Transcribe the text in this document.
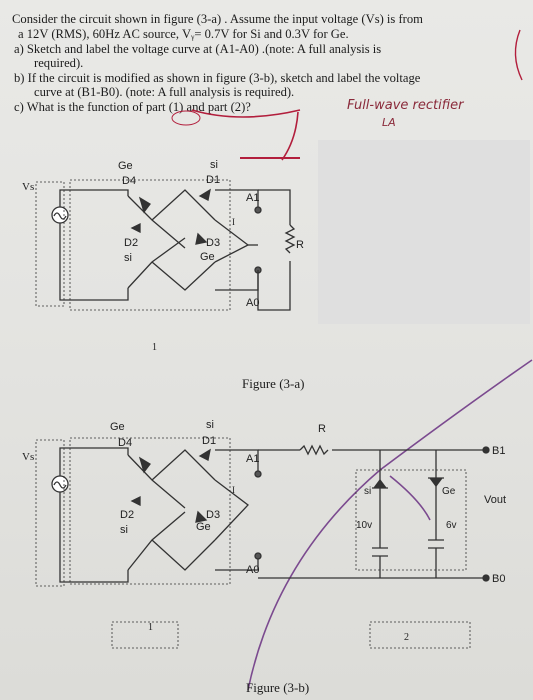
Consider the circuit shown in figure (3-a) . Assume the input voltage (Vs) is from
a 12V (RMS), 60Hz AC source, Vᵧ= 0.7V for Si and 0.3V for Ge.
a) Sketch and label the voltage curve at (A1-A0) .(note: A full analysis is
required).
b) If the circuit is modified as shown in figure (3-b), sketch and label the voltage
curve at (B1-B0). (note: A full analysis is required).
c) What is the function of part (1) and part (2)?	Full-wave rectifier
LA
Vs
Ge
D4
si
D1
D2
si
D3
Ge
A1
A0
R
1
I
Vs
Ge
D4
si
D1
D2
si
D3
Ge
A1
A0
R
B1
B0
Vout
si	Ge
10v	6v
1
2
I
Figure (3-a)
Figure (3-b)
